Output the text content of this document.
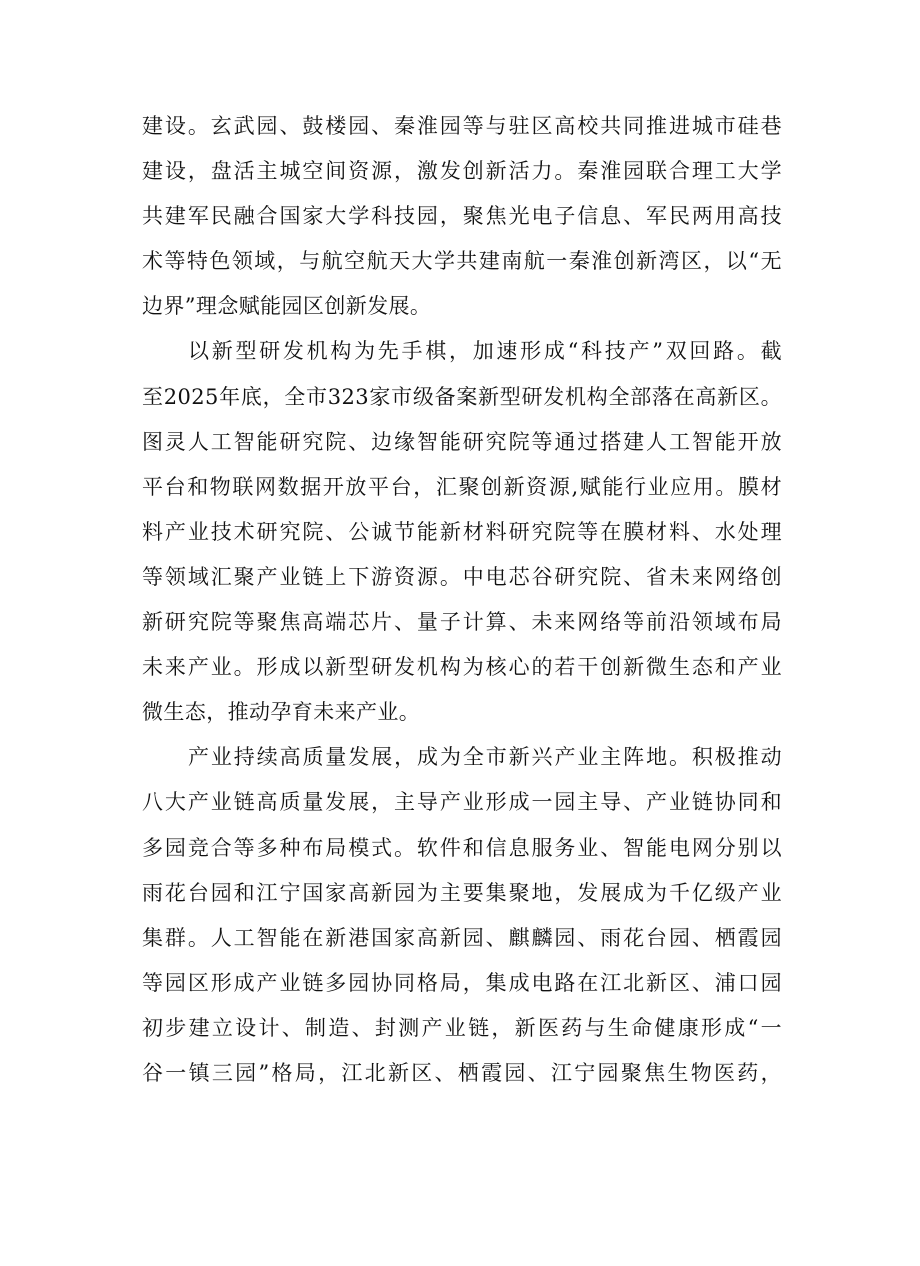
建设。玄武园、鼓楼园、秦淮园等与驻区高校共同推进城市硅巷
建设，盘活主城空间资源，激发创新活力。秦淮园联合理工大学
共建军民融合国家大学科技园，聚焦光电子信息、军民两用高技
术等特色领域，与航空航天大学共建南航一秦淮创新湾区，以“无
边界”理念赋能园区创新发展。
以新型研发机构为先手棋，加速形成“科技产”双回路。截
至2025年底，全市323家市级备案新型研发机构全部落在高新区。
图灵人工智能研究院、边缘智能研究院等通过搭建人工智能开放
平台和物联网数据开放平台，汇聚创新资源,赋能行业应用。膜材
料产业技术研究院、公诚节能新材料研究院等在膜材料、水处理
等领域汇聚产业链上下游资源。中电芯谷研究院、省未来网络创
新研究院等聚焦高端芯片、量子计算、未来网络等前沿领域布局
未来产业。形成以新型研发机构为核心的若干创新微生态和产业
微生态，推动孕育未来产业。
产业持续高质量发展，成为全市新兴产业主阵地。积极推动
八大产业链高质量发展，主导产业形成一园主导、产业链协同和
多园竞合等多种布局模式。软件和信息服务业、智能电网分别以
雨花台园和江宁国家高新园为主要集聚地，发展成为千亿级产业
集群。人工智能在新港国家高新园、麒麟园、雨花台园、栖霞园
等园区形成产业链多园协同格局，集成电路在江北新区、浦口园
初步建立设计、制造、封测产业链，新医药与生命健康形成“一
谷一镇三园”格局，江北新区、栖霞园、江宁园聚焦生物医药，
